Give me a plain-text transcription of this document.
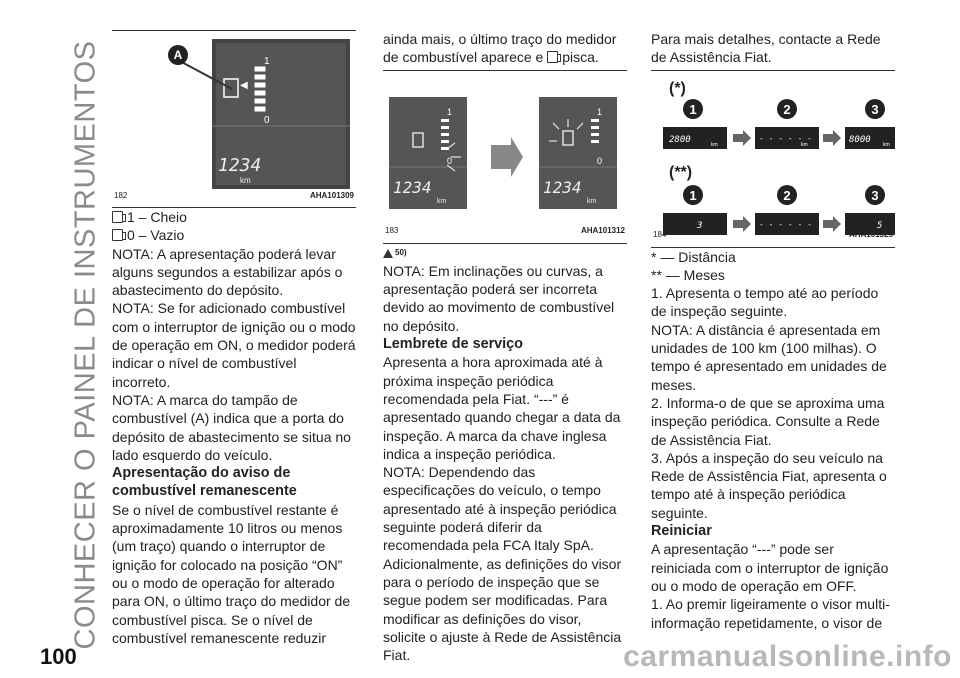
CONHECER O PAINEL DE INSTRUMENTOS	◀
A	1
0
1234
km
182	AHA101309

1 – Cheio

0 – Vazio

NOTA: A apresentação poderá levar alguns segundos a estabilizar após o abastecimento do depósito.

NOTA: Se for adicionado combustível com o interruptor de ignição ou o modo de operação em ON, o medidor poderá indicar o nível de combustível incorreto.

NOTA: A marca do tampão de combustível (A) indica que a porta do depósito de abastecimento se situa no lado esquerdo do veículo.

Apresentação do aviso de combustível remanescente

Se o nível de combustível restante é aproximadamente 10 litros ou menos (um traço) quando o interruptor de ignição for colocado na posição “ON” ou o modo de operação for alterado para ON, o último traço do medidor de combustível pisca. Se o nível de combustível remanescente reduzir

ainda mais, o último traço do medidor de combustível aparece e pisca.

1
0
1234
km
1
0
1234
km
183	AHA101312

$^{50)}$

NOTA: Em inclinações ou curvas, a apresentação poderá ser incorreta devido ao movimento de combustível no depósito.

Lembrete de serviço

Apresenta a hora aproximada até à próxima inspeção periódica recomendada pela Fiat. “---” é apresentado quando chegar a data da inspeção. A marca da chave inglesa indica a inspeção periódica.

NOTA: Dependendo das especificações do veículo, o tempo apresentado até à inspeção periódica seguinte poderá diferir da recomendada pela FCA Italy SpA.

Adicionalmente, as definições do visor para o período de inspeção que se segue podem ser modificadas. Para modificar as definições do visor, solicite o ajuste à Rede de Assistência Fiat.

Para mais detalhes, contacte a Rede de Assistência Fiat.

(*)
1	2	3
2800	km
- - - - - -
km	8000 km
(**)
1	2	3
3	- - - - - -	5
184	AHA101325

* — Distância

** — Meses

1. Apresenta o tempo até ao período de inspeção seguinte.

NOTA: A distância é apresentada em unidades de 100 km (100 milhas). O tempo é apresentado em unidades de meses.

2. Informa-o de que se aproxima uma inspeção periódica. Consulte a Rede de Assistência Fiat.

3. Após a inspeção do seu veículo na Rede de Assistência Fiat, apresenta o tempo até à inspeção periódica seguinte.

Reiniciar

A apresentação “---” pode ser reiniciada com o interruptor de ignição ou o modo de operação em OFF.

1. Ao premir ligeiramente o visor multi-informação repetidamente, o visor de

100	carmanualsonline.info
